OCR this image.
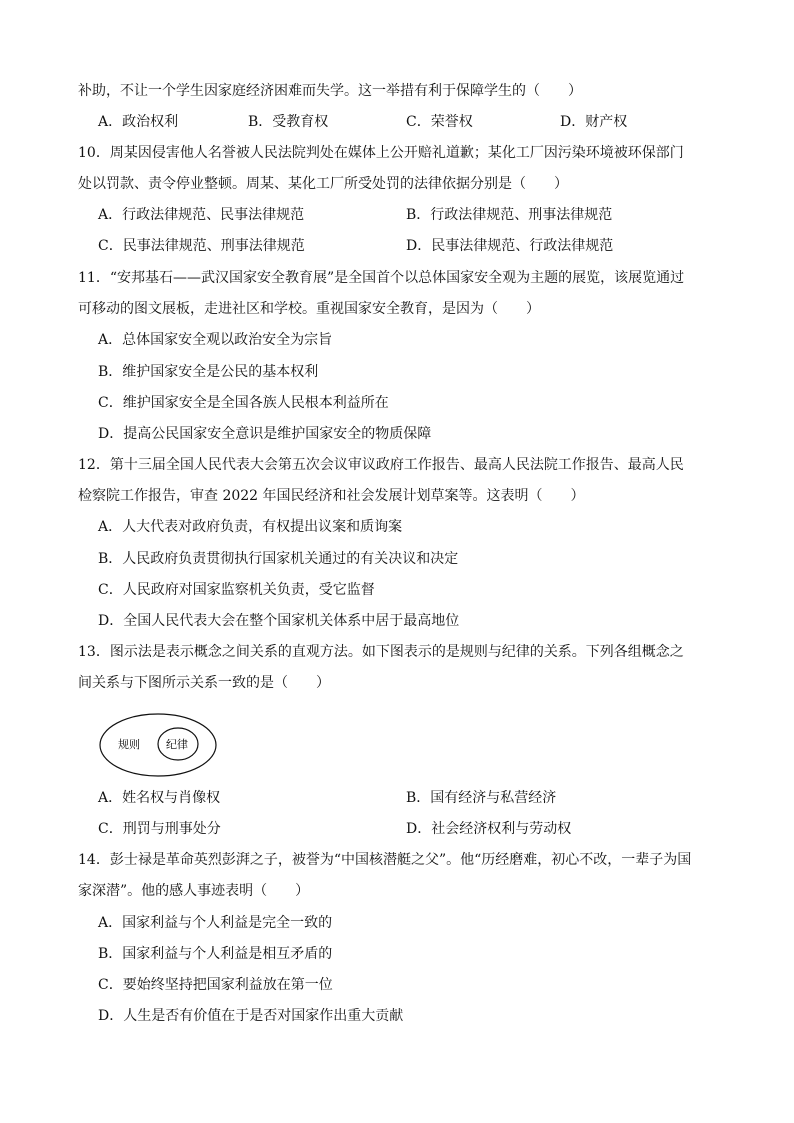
补助，不让一个学生因家庭经济困难而失学。这一举措有利于保障学生的（　　）
A．政治权利	B．受教育权	C．荣誉权	D．财产权
10．周某因侵害他人名誉被人民法院判处在媒体上公开赔礼道歉；某化工厂因污染环境被环保部门
处以罚款、责令停业整顿。周某、某化工厂所受处罚的法律依据分别是（　　）
A．行政法律规范、民事法律规范	B．行政法律规范、刑事法律规范
C．民事法律规范、刑事法律规范	D．民事法律规范、行政法律规范
11．“安邦基石——武汉国家安全教育展”是全国首个以总体国家安全观为主题的展览，该展览通过
可移动的图文展板，走进社区和学校。重视国家安全教育，是因为（　　）
A．总体国家安全观以政治安全为宗旨
B．维护国家安全是公民的基本权利
C．维护国家安全是全国各族人民根本利益所在
D．提高公民国家安全意识是维护国家安全的物质保障
12．第十三届全国人民代表大会第五次会议审议政府工作报告、最高人民法院工作报告、最高人民
检察院工作报告，审查 2022 年国民经济和社会发展计划草案等。这表明（　　）
A．人大代表对政府负责，有权提出议案和质询案
B．人民政府负责贯彻执行国家机关通过的有关决议和决定
C．人民政府对国家监察机关负责，受它监督
D．全国人民代表大会在整个国家机关体系中居于最高地位
13．图示法是表示概念之间关系的直观方法。如下图表示的是规则与纪律的关系。下列各组概念之
间关系与下图所示关系一致的是（　　）
规则 纪律
A．姓名权与肖像权	B．国有经济与私营经济
C．刑罚与刑事处分	D．社会经济权利与劳动权
14．彭士禄是革命英烈彭湃之子，被誉为“中国核潜艇之父”。他“历经磨难，初心不改，一辈子为国
家深潜”。他的感人事迹表明（　　）
A．国家利益与个人利益是完全一致的
B．国家利益与个人利益是相互矛盾的
C．要始终坚持把国家利益放在第一位
D．人生是否有价值在于是否对国家作出重大贡献
